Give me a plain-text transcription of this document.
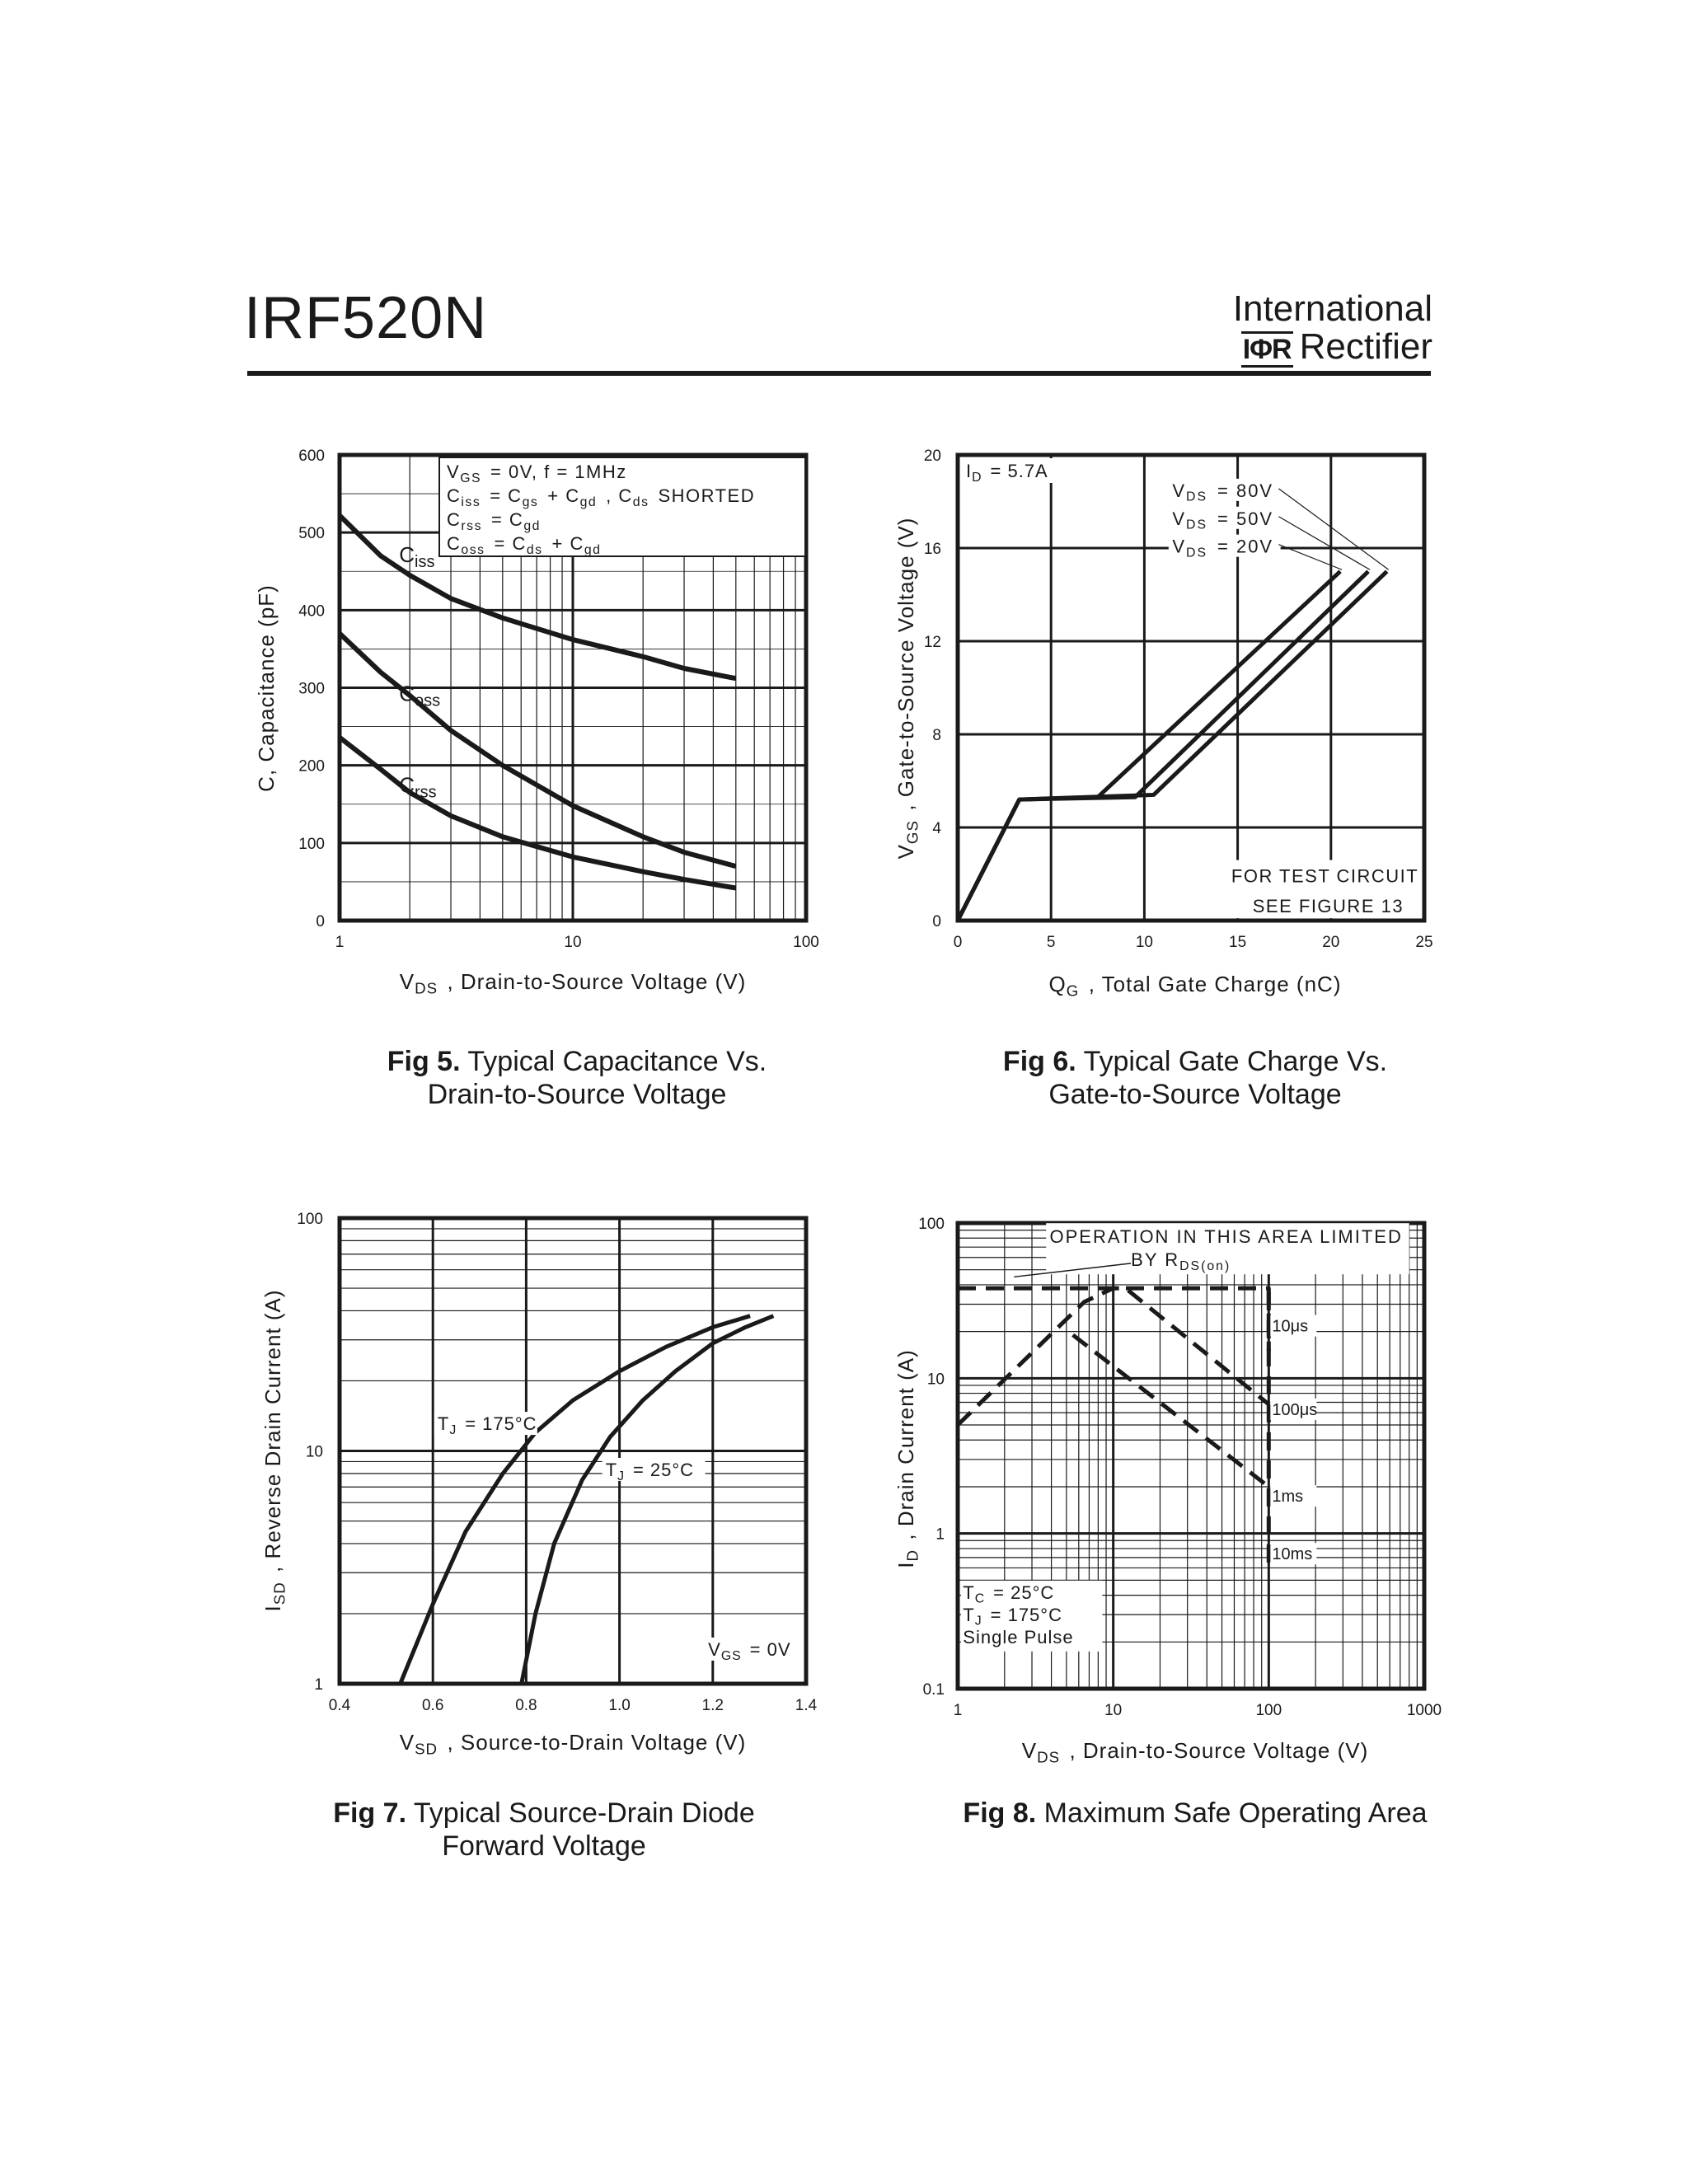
IRF520N	International
IΦR Rectifier
1	10	100
0
100
200
300
400
500
600
$V_{GS}$  = 0V, f = 1MHz
$C_{iss}$  = $C_{gs}$  + $C_{gd}$  , $C_{ds}$  SHORTED
$C_{rss}$  = $C_{gd}$ 
$C_{oss}$  = $C_{ds}$  + $C_{gd}$ 
$C_{iss}$
$C_{oss}$
$C_{rss}$
$V_{DS}$  , Drain-to-Source Voltage (V)
C, Capacitance (pF)
0	5	10	15	20	25
0
4
8
12
16
20
$I_D$  = 5.7A
FOR TEST CIRCUIT
SEE FIGURE 13
$V_{DS}$  = 80V
$V_{DS}$  = 50V
$V_{DS}$  = 20V
$Q_G$  , Total Gate Charge (nC)
$V_{GS}$  , Gate-to-Source Voltage (V)
0.4	0.6	0.8	1.0	1.2	1.4
1
10
100
$T_J$  = 175°C
$T_J$  = 25°C
$V_{GS}$  = 0V
$V_{SD}$  , Source-to-Drain Voltage (V)
$I_{SD}$  , Reverse Drain Current (A)
1	10	100	1000
0.1
1
10
100
OPERATION IN THIS AREA LIMITED
BY $R_{DS(on)}$ 
10μs
100μs
1ms
10ms
$T_C$  = 25°C
$T_J$  = 175°C
Single Pulse
$V_{DS}$  , Drain-to-Source Voltage (V)
$I_D$  , Drain Current (A)
Fig 5. Typical Capacitance Vs.
Drain-to-Source Voltage
Fig 6. Typical Gate Charge Vs.
Gate-to-Source Voltage
Fig 7. Typical Source-Drain Diode
Forward Voltage
Fig 8. Maximum Safe Operating Area
